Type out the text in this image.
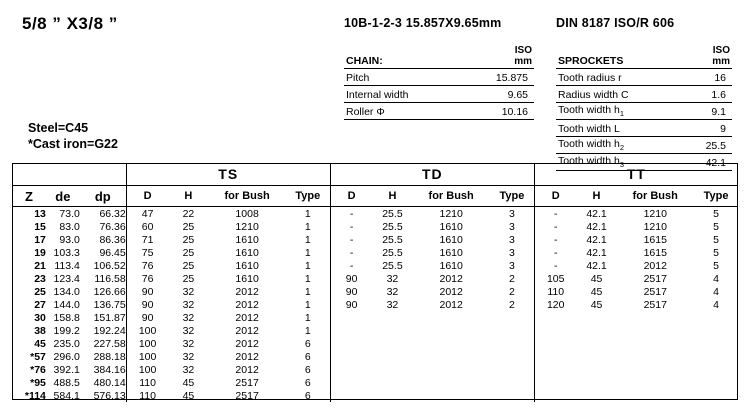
5/8 ” X3/8 ”
Steel=C45
*Cast iron=G22
10B-1-2-3 15.857X9.65mm
CHAIN:	ISO
mm
Pitch	15.875
Internal width	9.65
Roller Φ	10.16
DIN 8187 ISO/R 606
SPROCKETS	ISO
mm
Tooth radius r	16
Radius width C	1.6
Tooth width $h_1$	9.1
Tooth width L	9
Tooth width $h_2$	25.5
Tooth width $h_3$	42.1
			TS				TD				TT			
Z	de	dp	D	H	for Bush	Type	D	H	for Bush	Type	D	H	for Bush	Type
13	73.0	66.32	47	22	1008	1	-	25.5	1210	3	-	42.1	1210	5
15	83.0	76.36	60	25	1210	1	-	25.5	1610	3	-	42.1	1210	5
17	93.0	86.36	71	25	1610	1	-	25.5	1610	3	-	42.1	1615	5
19	103.3	96.45	75	25	1610	1	-	25.5	1610	3	-	42.1	1615	5
21	113.4	106.52	76	25	1610	1	-	25.5	1610	3	-	42.1	2012	5
23	123.4	116.58	76	25	1610	1	90	32	2012	2	105	45	2517	4
25	134.0	126.66	90	32	2012	1	90	32	2012	2	110	45	2517	4
27	144.0	136.75	90	32	2012	1	90	32	2012	2	120	45	2517	4
30	158.8	151.87	90	32	2012	1								
38	199.2	192.24	100	32	2012	1								
45	235.0	227.58	100	32	2012	6								
*57	296.0	288.18	100	32	2012	6								
*76	392.1	384.16	100	32	2012	6								
*95	488.5	480.14	110	45	2517	6								
*114	584.1	576.13	110	45	2517	6								
